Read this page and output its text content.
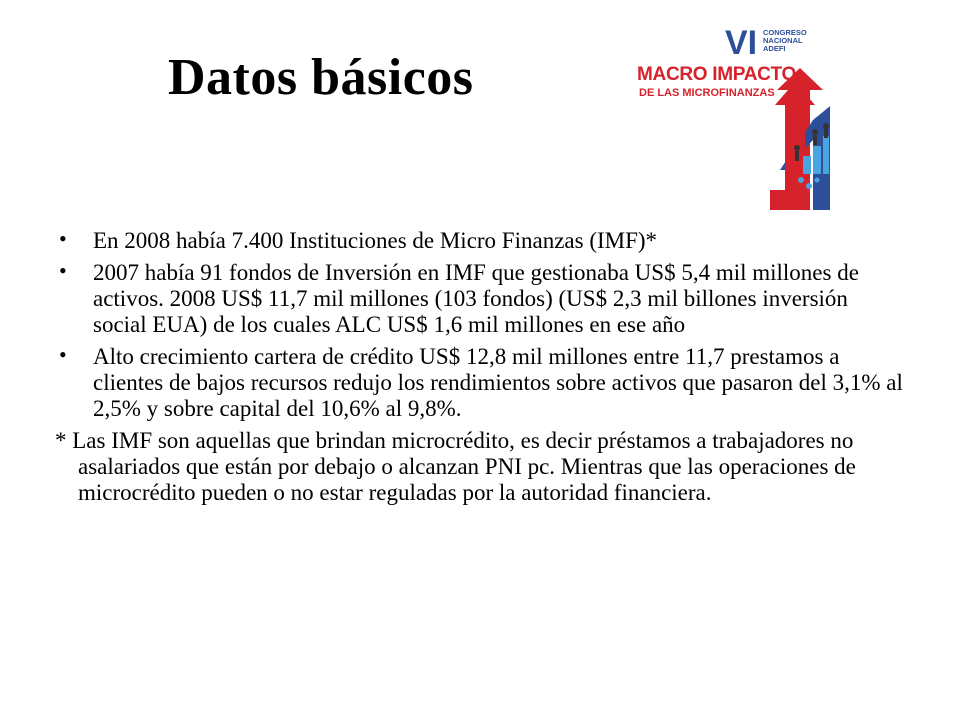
Datos básicos
VI CONGRESO
NACIONAL
ADEFI
MACRO IMPACTO
DE LAS MICROFINANZAS
• En 2008 había 7.400 Instituciones de Micro Finanzas (IMF)*
• 2007 había 91 fondos de Inversión en IMF que gestionaba US$ 5,4 mil millones de activos. 2008 US$ 11,7 mil millones (103 fondos) (US$ 2,3 mil billones inversión social EUA) de los cuales ALC US$ 1,6 mil millones en ese año
• Alto crecimiento cartera de crédito US$ 12,8 mil millones entre 11,7 prestamos a clientes de bajos recursos redujo los rendimientos sobre activos que pasaron del 3,1% al 2,5% y sobre capital del 10,6% al 9,8%.
* Las IMF son aquellas que brindan microcrédito, es decir préstamos a trabajadores no asalariados que están por debajo o alcanzan PNI pc. Mientras que las operaciones de microcrédito pueden o no estar reguladas por la autoridad financiera.
